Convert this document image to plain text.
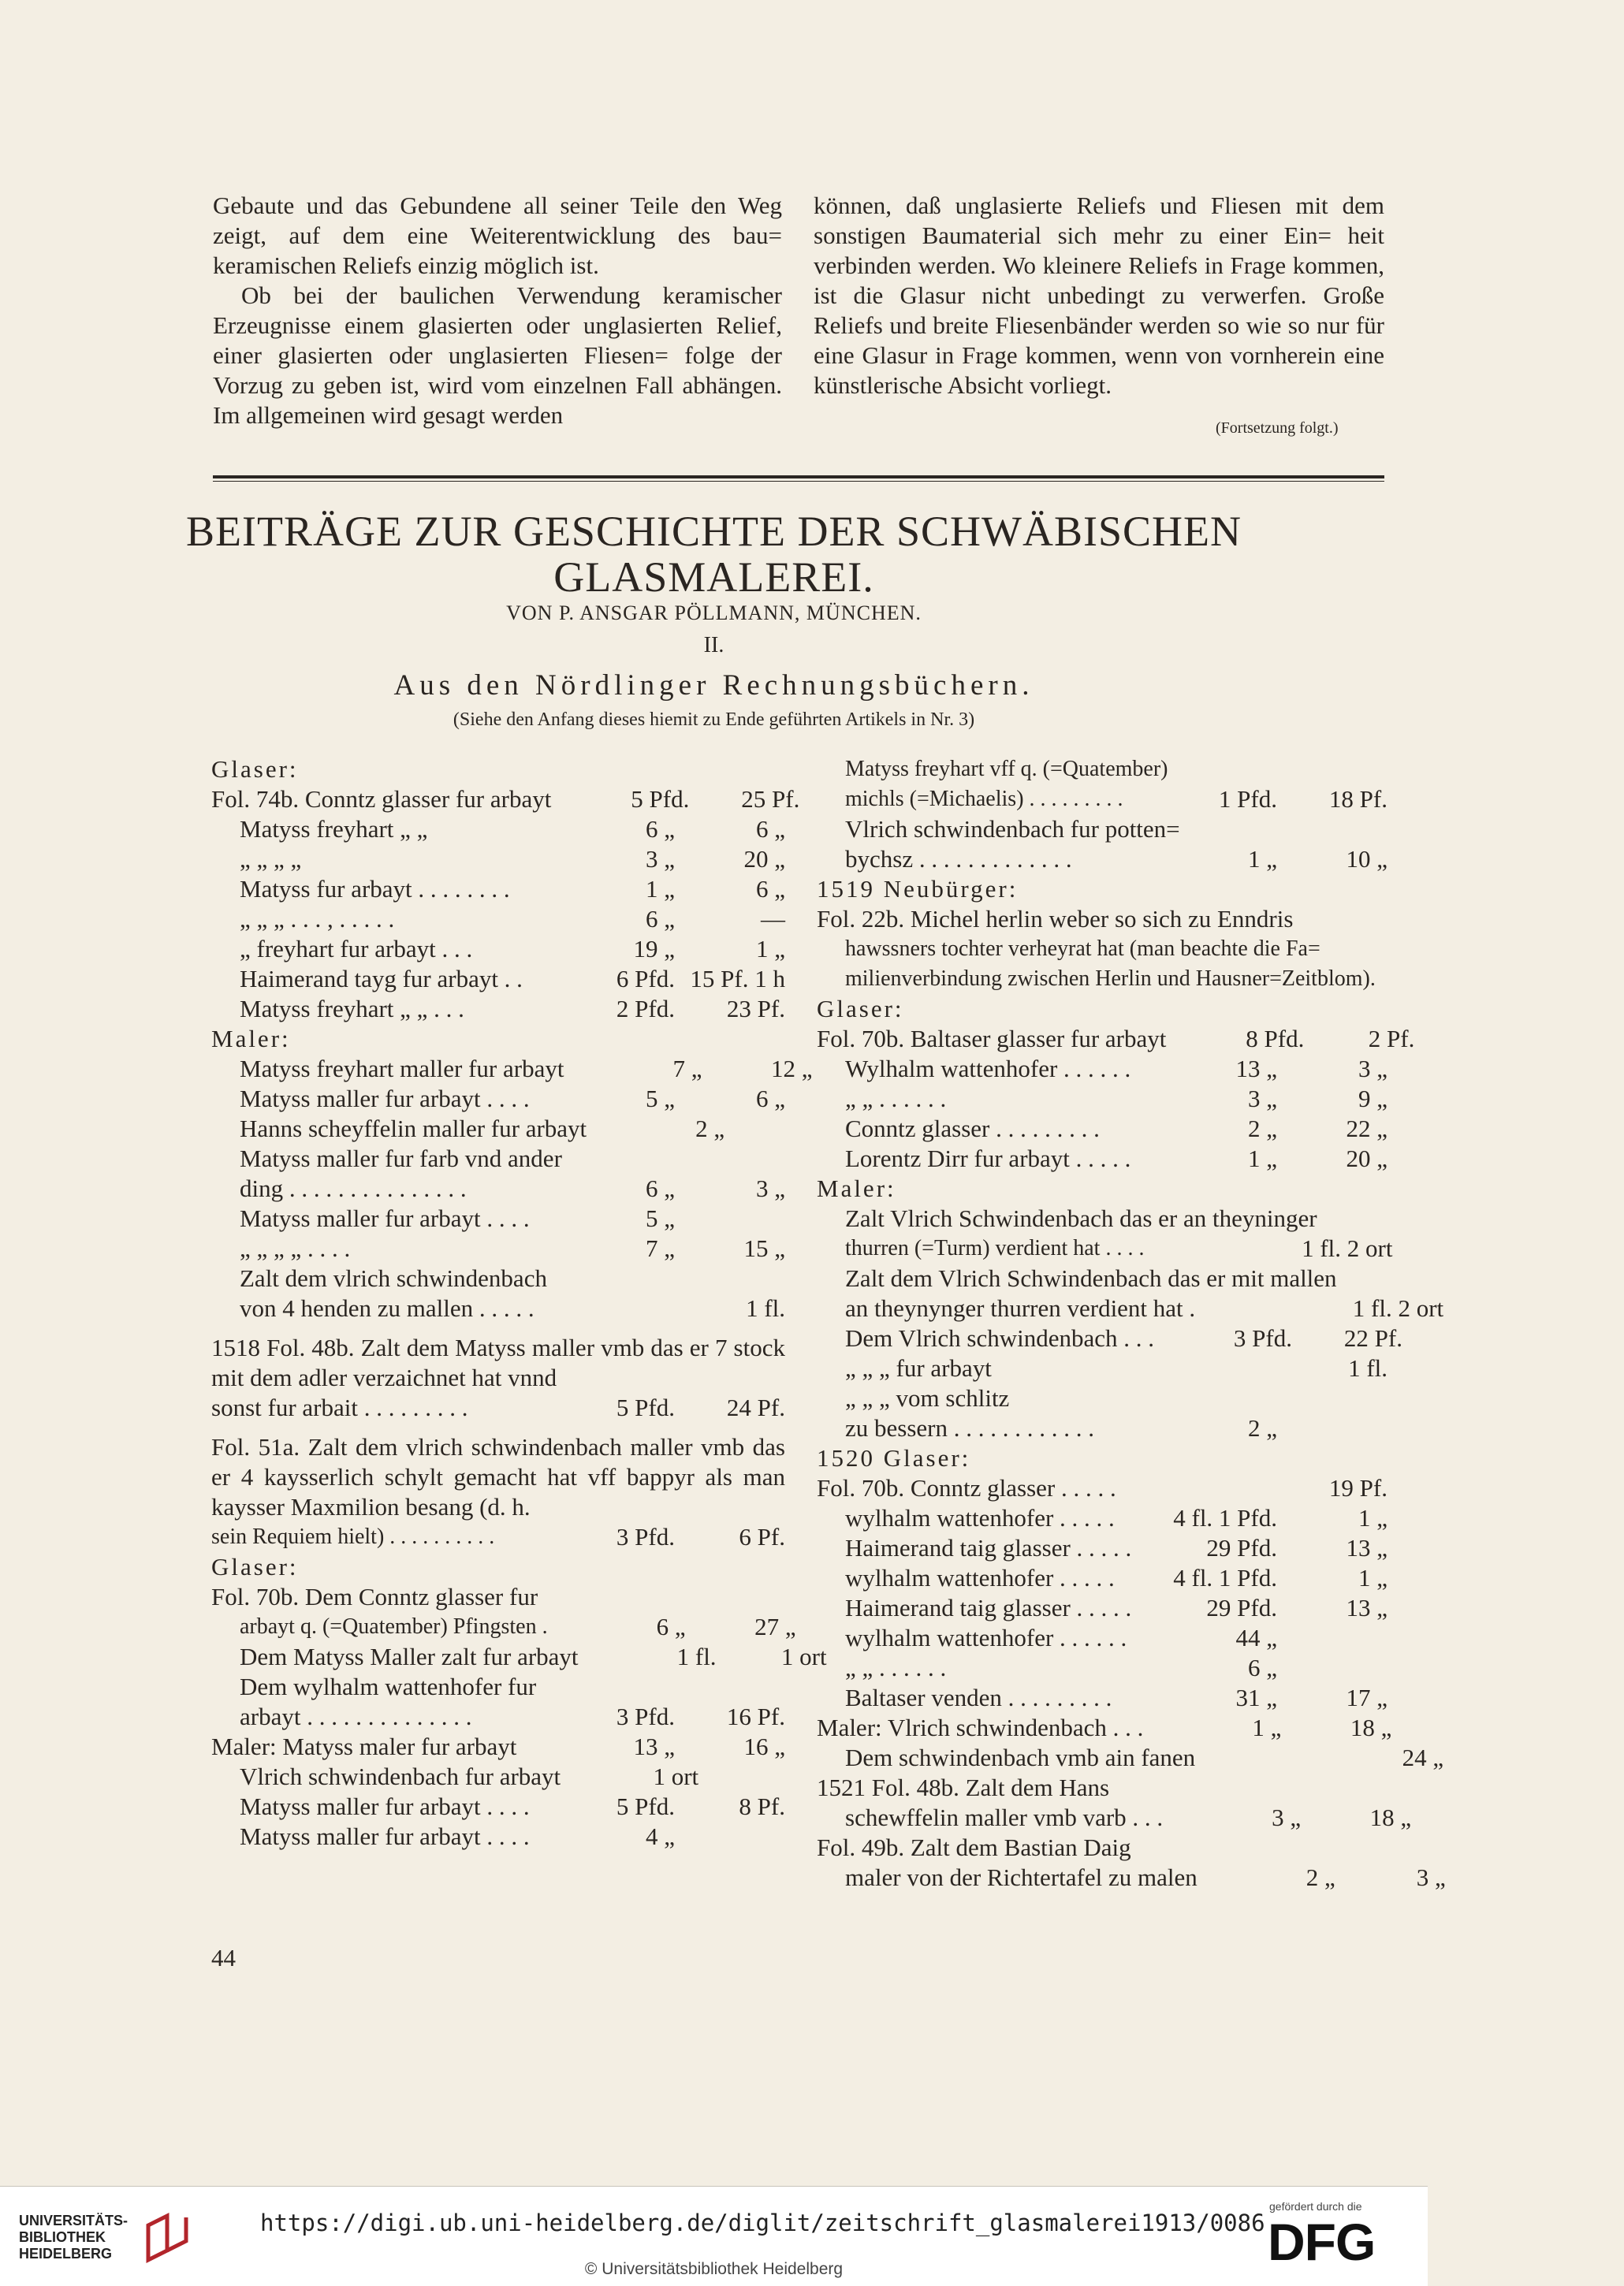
Gebaute und das Gebundene all seiner Teile den Weg zeigt, auf dem eine Weiterentwicklung des bau= keramischen Reliefs einzig möglich ist.

Ob bei der baulichen Verwendung keramischer Erzeugnisse einem glasierten oder unglasierten Relief, einer glasierten oder unglasierten Fliesen= folge der Vorzug zu geben ist, wird vom einzelnen Fall abhängen. Im allgemeinen wird gesagt werden

können, daß unglasierte Reliefs und Fliesen mit dem sonstigen Baumaterial sich mehr zu einer Ein= heit verbinden werden. Wo kleinere Reliefs in Frage kommen, ist die Glasur nicht unbedingt zu verwerfen. Große Reliefs und breite Fliesenbänder werden so wie so nur für eine Glasur in Frage kommen, wenn von vornherein eine künstlerische Absicht vorliegt.

(Fortsetzung folgt.)
BEITRÄGE ZUR GESCHICHTE DER SCHWÄBISCHEN
GLASMALEREI.
VON P. ANSGAR PÖLLMANN, MÜNCHEN.
II.
Aus den Nördlinger Rechnungsbüchern.
(Siehe den Anfang dieses hiemit zu Ende geführten Artikels in Nr. 3)
Glaser:
Fol. 74b. Conntz glasser fur arbayt	5 Pfd.	25 Pf.
Matyss freyhart „ „	6 „	6 „
„ „ „ „	3 „	20 „
Matyss fur arbayt . . . . . . . .	1 „	6 „
„ „ „ . . . , . . . . .	6 „	—
„ freyhart fur arbayt . . .	19 „	1 „
Haimerand tayg fur arbayt . .	6 Pfd. 15 Pf. 1 h
Matyss freyhart „ „ . . .	2 Pfd.	23 Pf.
Maler:
Matyss freyhart maller fur arbayt	7 „	12 „
Matyss maller fur arbayt . . . .	5 „	6 „
Hanns scheyffelin maller fur arbayt	2 „
Matyss maller fur farb vnd ander
ding . . . . . . . . . . . . . . .	6 „	3 „
Matyss maller fur arbayt . . . .	5 „
„ „ „ „ . . . .	7 „	15 „
Zalt dem vlrich schwindenbach
von 4 henden zu mallen . . . . .	1 fl.

1518 Fol. 48b. Zalt dem Matyss maller vmb das er 7 stock mit dem adler verzaichnet hat vnnd

sonst fur arbait . . . . . . . . .	5 Pfd.	24 Pf.

Fol. 51a. Zalt dem vlrich schwindenbach maller vmb das er 4 kaysserlich schylt gemacht hat vff bappyr als man kaysser Maxmilion besang (d. h.

sein Requiem hielt) . . . . . . . . . .	3 Pfd.	6 Pf.
Glaser:
Fol. 70b. Dem Conntz glasser fur
arbayt q. (=Quatember) Pfingsten .	6 „	27 „
Dem Matyss Maller zalt fur arbayt	1 fl.	1 ort
Dem wylhalm wattenhofer fur
arbayt . . . . . . . . . . . . . .	3 Pfd.	16 Pf.
Maler: Matyss maler fur arbayt	13 „	16 „
Vlrich schwindenbach fur arbayt	1 ort
Matyss maller fur arbayt . . . .	5 Pfd.	8 Pf.
Matyss maller fur arbayt . . . .	4 „
Matyss freyhart vff q. (=Quatember)
michls (=Michaelis) . . . . . . . . .	1 Pfd.	18 Pf.
Vlrich schwindenbach fur potten=
bychsz . . . . . . . . . . . . .	1 „	10 „
1519 Neubürger:
Fol. 22b. Michel herlin weber so sich zu Enndris
hawssners tochter verheyrat hat (man beachte die Fa=
milienverbindung zwischen Herlin und Hausner=Zeitblom).
Glaser:
Fol. 70b. Baltaser glasser fur arbayt	8 Pfd.	2 Pf.
Wylhalm wattenhofer . . . . . .	13 „	3 „
„ „ . . . . . .	3 „	9 „
Conntz glasser . . . . . . . . .	2 „	22 „
Lorentz Dirr fur arbayt . . . . .	1 „	20 „
Maler:
Zalt Vlrich Schwindenbach das er an theyninger
thurren (=Turm) verdient hat . . . .	1 fl. 2 ort
Zalt dem Vlrich Schwindenbach das er mit mallen
an theynynger thurren verdient hat .	1 fl. 2 ort
Dem Vlrich schwindenbach . . .	3 Pfd.	22 Pf.
„ „ „ fur arbayt	1 fl.
„ „ „ vom schlitz
zu bessern . . . . . . . . . . . .	2 „
1520 Glaser:
Fol. 70b. Conntz glasser . . . . .	19 Pf.
wylhalm wattenhofer . . . . .	4 fl. 1 Pfd.	1 „
Haimerand taig glasser . . . . .	29 Pfd.	13 „
wylhalm wattenhofer . . . . .	4 fl. 1 Pfd.	1 „
Haimerand taig glasser . . . . .	29 Pfd.	13 „
wylhalm wattenhofer . . . . . .	44 „
„ „ . . . . . .	6 „
Baltaser venden . . . . . . . . .	31 „	17 „
Maler: Vlrich schwindenbach . . .	1 „	18 „
Dem schwindenbach vmb ain fanen	24 „
1521 Fol. 48b. Zalt dem Hans
schewffelin maller vmb varb . . .	3 „	18 „
Fol. 49b. Zalt dem Bastian Daig
maler von der Richtertafel zu malen	2 „	3 „
44
UNIVERSITÄTS-
BIBLIOTHEK
HEIDELBERG
https://digi.ub.uni-heidelberg.de/diglit/zeitschrift_glasmalerei1913/0086
© Universitätsbibliothek Heidelberg
gefördert durch die
DFG
